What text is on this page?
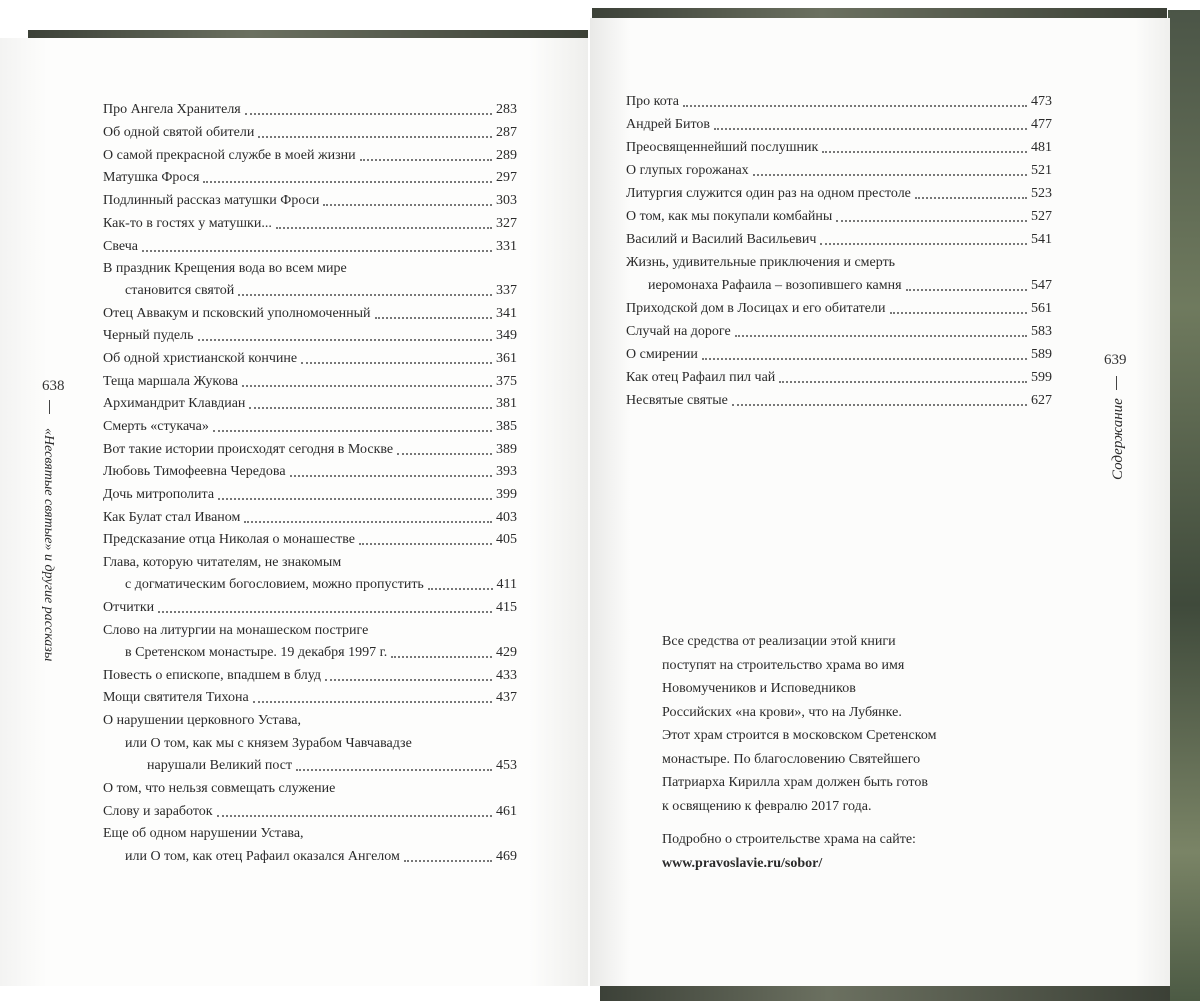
Про Ангела Хранителя	283
Об одной святой обители	287
О самой прекрасной службе в моей жизни	289
Матушка Фрося	297
Подлинный рассказ матушки Фроси	303
Как-то в гостях у матушки...	327
Свеча	331
В праздник Крещения вода во всем мире
становится святой	337
Отец Аввакум и псковский уполномоченный	341
Черный пудель	349
Об одной христианской кончине	361
Теща маршала Жукова	375
Архимандрит Клавдиан	381
Смерть «стукача»	385
Вот такие истории происходят сегодня в Москве	389
Любовь Тимофеевна Чередова	393
Дочь митрополита	399
Как Булат стал Иваном	403
Предсказание отца Николая о монашестве	405
Глава, которую читателям, не знакомым
с догматическим богословием, можно пропустить	411
Отчитки	415
Слово на литургии на монашеском постриге
в Сретенском монастыре. 19 декабря 1997 г.	429
Повесть о епископе, впадшем в блуд	433
Мощи святителя Тихона	437
О нарушении церковного Устава,
или О том, как мы с князем Зурабом Чавчавадзе
нарушали Великий пост	453
О том, что нельзя совмещать служение
Слову и заработок	461
Еще об одном нарушении Устава,
или О том, как отец Рафаил оказался Ангелом	469
638
«Несвятые святые» и другие рассказы
Про кота	473
Андрей Битов	477
Преосвященнейший послушник	481
О глупых горожанах	521
Литургия служится один раз на одном престоле	523
О том, как мы покупали комбайны	527
Василий и Василий Васильевич	541
Жизнь, удивительные приключения и смерть
иеромонаха Рафаила – возопившего камня	547
Приходской дом в Лосицах и его обитатели	561
Случай на дороге	583
О смирении	589
Как отец Рафаил пил чай	599
Несвятые святые	627
639
Содержание
Все средства от реализации этой книги
поступят на строительство храма во имя
Новомучеников и Исповедников
Российских «на крови», что на Лубянке.
Этот храм строится в московском Сретенском
монастыре. По благословению Святейшего
Патриарха Кирилла храм должен быть готов
к освящению к февралю 2017 года.
Подробно о строительстве храма на сайте:
www.pravoslavie.ru/sobor/
